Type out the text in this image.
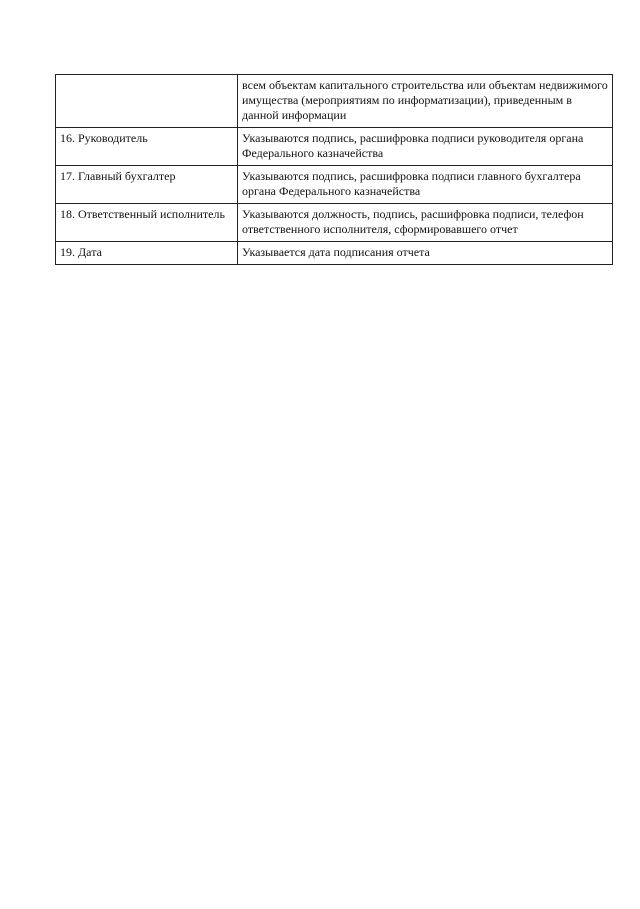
	всем объектам капитального строительства или объектам недвижимого имущества (мероприятиям по информатизации), приведенным в данной информации
16. Руководитель	Указываются подпись, расшифровка подписи руководителя органа Федерального казначейства
17. Главный бухгалтер	Указываются подпись, расшифровка подписи главного бухгалтера органа Федерального казначейства
18. Ответственный исполнитель	Указываются должность, подпись, расшифровка подписи, телефон ответственного исполнителя, сформировавшего отчет
19. Дата	Указывается дата подписания отчета
